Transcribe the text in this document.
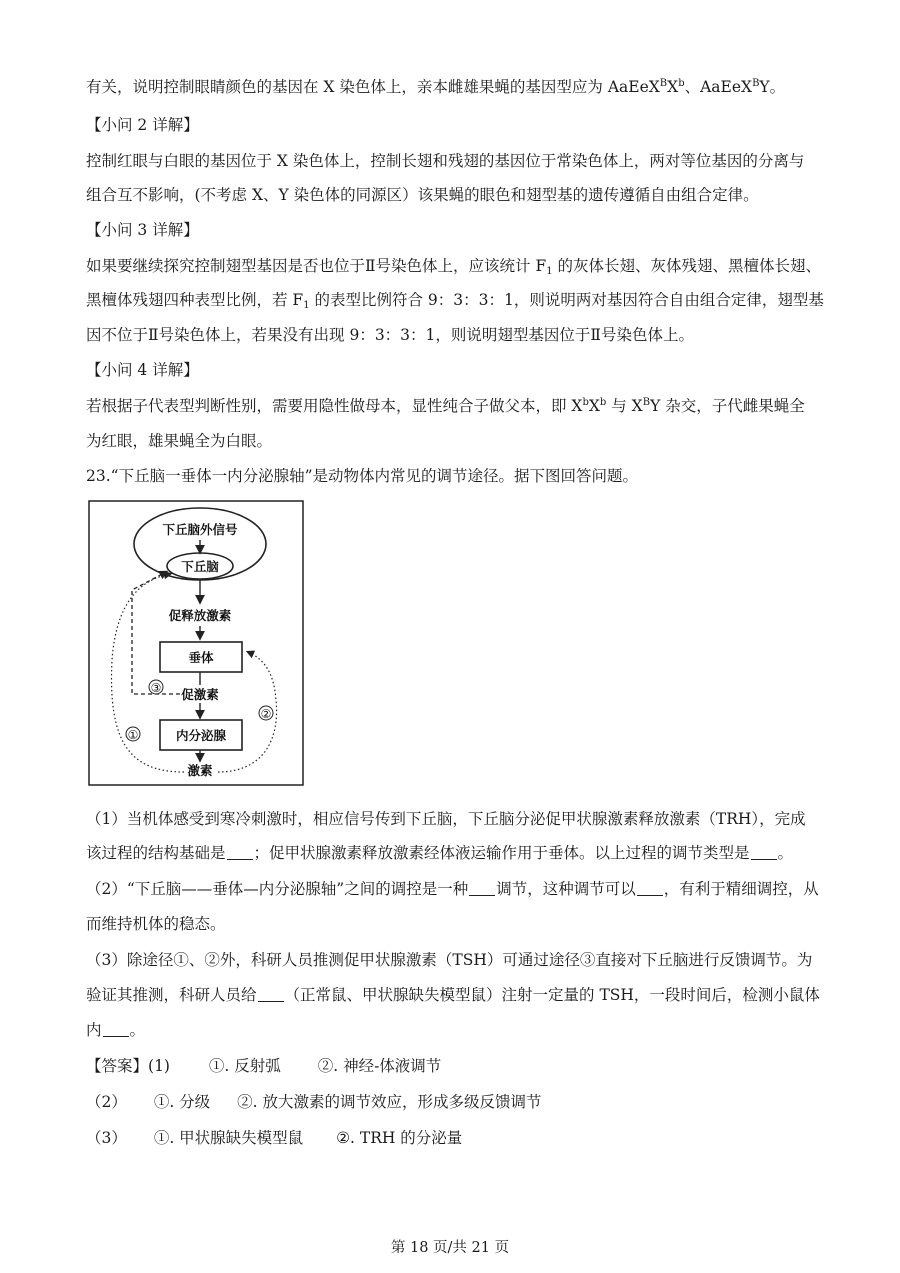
有关，说明控制眼睛颜色的基因在 X 染色体上，亲本雌雄果蝇的基因型应为 $AaEeX^BX^b$、AaEeX$^B$Y。
【小问 2 详解】
控制红眼与白眼的基因位于 X 染色体上，控制长翅和残翅的基因位于常染色体上，两对等位基因的分离与
组合互不影响，(不考虑 X、Y 染色体的同源区）该果蝇的眼色和翅型基的遗传遵循自由组合定律。
【小问 3 详解】
如果要继续探究控制翅型基因是否也位于Ⅱ号染色体上，应该统计 $F_1$ 的灰体长翅、灰体残翅、黑檀体长翅、
黑檀体残翅四种表型比例，若 $F_1$ 的表型比例符合 9：3：3：1，则说明两对基因符合自由组合定律，翅型基
因不位于Ⅱ号染色体上，若果没有出现 9：3：3：1，则说明翅型基因位于Ⅱ号染色体上。
【小问 4 详解】
若根据子代表型判断性别，需要用隐性做母本，显性纯合子做父本，即 $X^bX^b$ 与 $X^BY$ 杂交，子代雌果蝇全
为红眼，雄果蝇全为白眼。
23.“下丘脑一垂体一内分泌腺轴”是动物体内常见的调节途径。据下图回答问题。
下丘脑外信号
下丘脑
促释放激素
垂体
促激素
内分泌腺
激素
③
①
②
（1）当机体感受到寒冷刺激时，相应信号传到下丘脑，下丘脑分泌促甲状腺激素释放激素（TRH），完成
该过程的结构基础是 ；促甲状腺激素释放激素经体液运输作用于垂体。以上过程的调节类型是 。
（2）“下丘脑——垂体—内分泌腺轴”之间的调控是一种 调节，这种调节可以 ，有利于精细调控，从
而维持机体的稳态。
（3）除途径①、②外，科研人员推测促甲状腺激素（TSH）可通过途径③直接对下丘脑进行反馈调节。为
验证其推测，科研人员给 （正常鼠、甲状腺缺失模型鼠）注射一定量的 TSH，一段时间后，检测小鼠体
内 。
【答案】(1)	①. 反射弧 ②. 神经-体液调节
（2） ①. 分级 ②. 放大激素的调节效应，形成多级反馈调节
（3） ①. 甲状腺缺失模型鼠 ②. TRH 的分泌量
第 18 页/共 21 页
